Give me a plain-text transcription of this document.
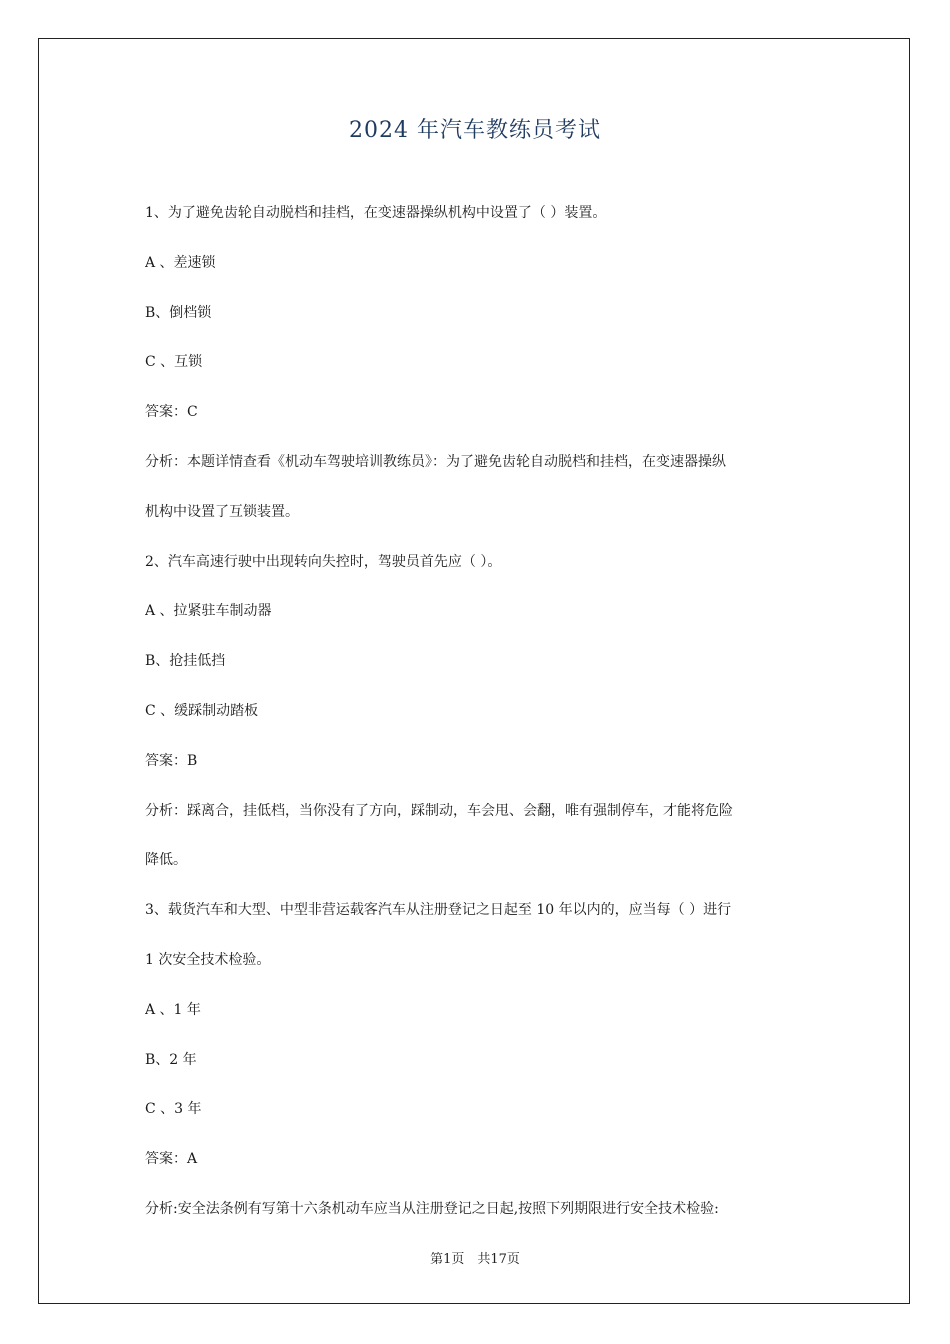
2024 年汽车教练员考试
1、为了避免齿轮自动脱档和挂档，在变速器操纵机构中设置了（ ）装置。
A 、差速锁
B、倒档锁
C 、互锁
答案：C
分析：本题详情查看《机动车驾驶培训教练员》：为了避免齿轮自动脱档和挂档，在变速器操纵
机构中设置了互锁装置。
2、汽车高速行驶中出现转向失控时，驾驶员首先应（ ）。
A 、拉紧驻车制动器
B、抢挂低挡
C 、缓踩制动踏板
答案：B
分析：踩离合，挂低档，当你没有了方向，踩制动，车会甩、会翻，唯有强制停车，才能将危险
降低。
3、载货汽车和大型、中型非营运载客汽车从注册登记之日起至 10 年以内的，应当每（ ）进行
1 次安全技术检验。
A 、1 年
B、2 年
C 、3 年
答案：A
分析:安全法条例有写第十六条机动车应当从注册登记之日起,按照下列期限进行安全技术检验:
第1页　共17页
